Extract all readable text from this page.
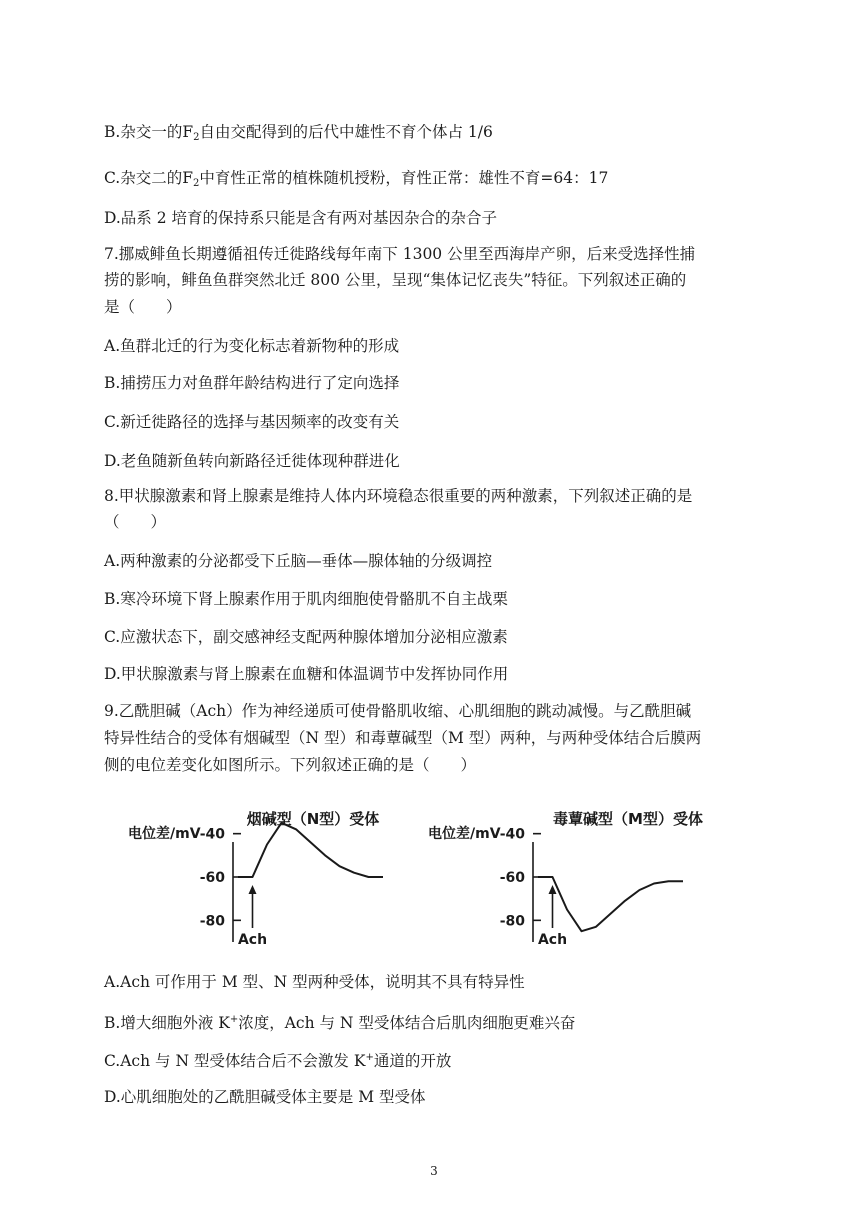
B.杂交一的$F_2$自由交配得到的后代中雄性不育个体占 1/6
C.杂交二的$F_2$中育性正常的植株随机授粉，育性正常：雄性不育=64：17
D.品系 2 培育的保持系只能是含有两对基因杂合的杂合子
7.挪威鲱鱼长期遵循祖传迁徙路线每年南下 1300 公里至西海岸产卵，后来受选择性捕
捞的影响，鲱鱼鱼群突然北迁 800 公里，呈现“集体记忆丧失”特征。下列叙述正确的
是（　　）
A.鱼群北迁的行为变化标志着新物种的形成
B.捕捞压力对鱼群年龄结构进行了定向选择
C.新迁徙路径的选择与基因频率的改变有关
D.老鱼随新鱼转向新路径迁徙体现种群进化
8.甲状腺激素和肾上腺素是维持人体内环境稳态很重要的两种激素，下列叙述正确的是
（　　）
A.两种激素的分泌都受下丘脑—垂体—腺体轴的分级调控
B.寒冷环境下肾上腺素作用于肌肉细胞使骨骼肌不自主战栗
C.应激状态下，副交感神经支配两种腺体增加分泌相应激素
D.甲状腺激素与肾上腺素在血糖和体温调节中发挥协同作用
9.乙酰胆碱（Ach）作为神经递质可使骨骼肌收缩、心肌细胞的跳动减慢。与乙酰胆碱
特异性结合的受体有烟碱型（N 型）和毒蕈碱型（M 型）两种，与两种受体结合后膜两
侧的电位差变化如图所示。下列叙述正确的是（　　）
烟碱型（N型）受体
电位差/mV -40
-60
-80
Ach
毒蕈碱型（M型）受体
电位差/mV -40
-60
-80
Ach
A.Ach 可作用于 M 型、N 型两种受体，说明其不具有特异性
B.增大细胞外液 K+浓度，Ach 与 N 型受体结合后肌肉细胞更难兴奋
C.Ach 与 N 型受体结合后不会激发 K+通道的开放
D.心肌细胞处的乙酰胆碱受体主要是 M 型受体
3
